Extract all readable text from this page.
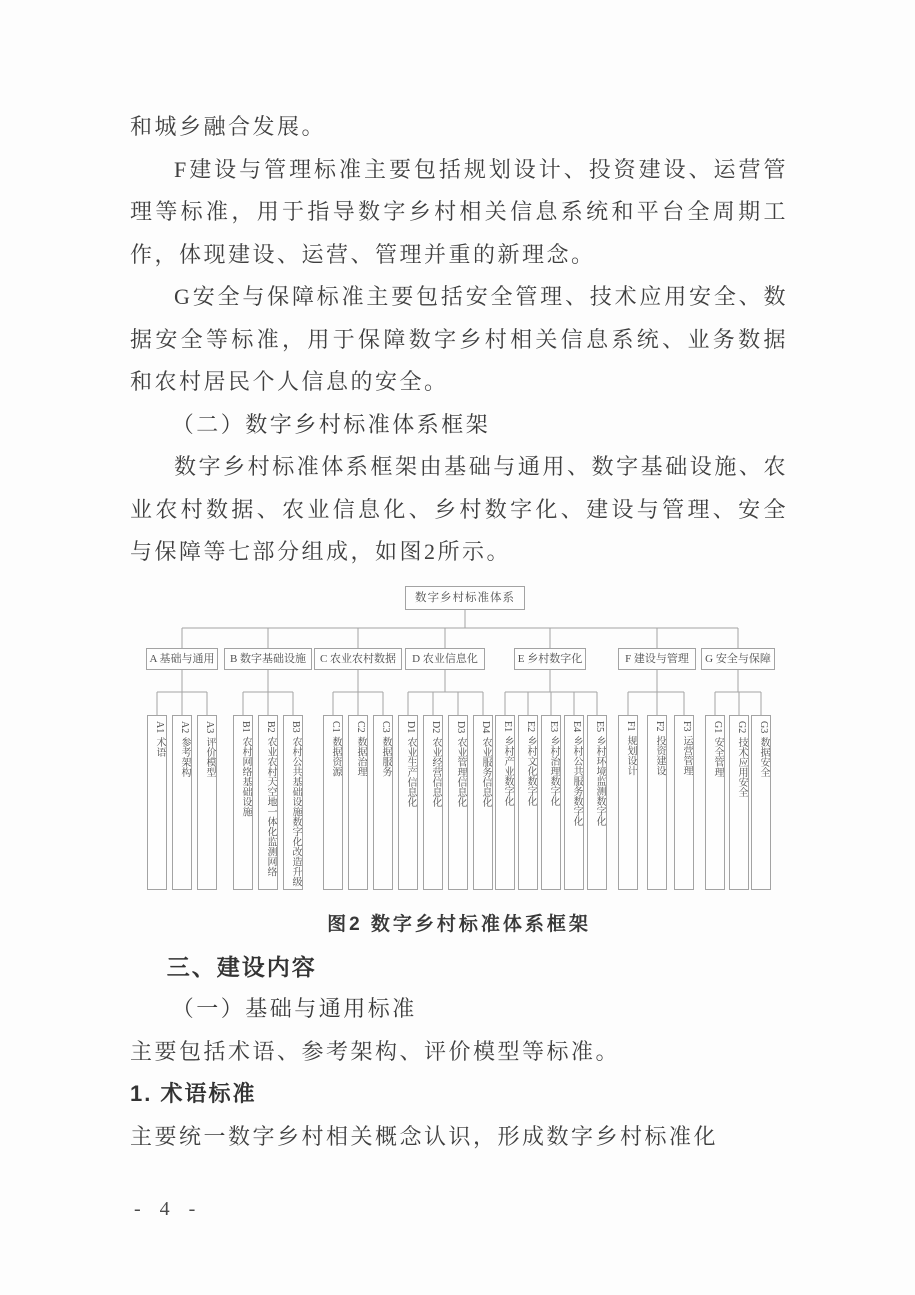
和城乡融合发展。

F建设与管理标准主要包括规划设计、投资建设、运营管理等标准，用于指导数字乡村相关信息系统和平台全周期工作，体现建设、运营、管理并重的新理念。

G安全与保障标准主要包括安全管理、技术应用安全、数据安全等标准，用于保障数字乡村相关信息系统、业务数据和农村居民个人信息的安全。

（二）数字乡村标准体系框架

数字乡村标准体系框架由基础与通用、数字基础设施、农业农村数据、农业信息化、乡村数字化、建设与管理、安全与保障等七部分组成，如图2所示。

数字乡村标准体系
A 基础与通用	B 数字基础设施	C 农业农村数据	D 农业信息化	E 乡村数字化	F 建设与管理	G 安全与保障
A1术语
A2参考架构
A3评价模型
B1农村网络基础设施
B2农业农村天空地一体化监测网络
B3农村公共基础设施数字化改造升级
C1数据资源
C2数据治理
C3数据服务
D1农业生产信息化
D2农业经营信息化
D3农业管理信息化
D4农业服务信息化
E1乡村产业数字化
E2乡村文化数字化
E3乡村治理数字化
E4乡村公共服务数字化
E5乡村环境监测数字化
F1规划设计
F2投资建设
F3运营管理
G1安全管理
G2技术应用安全
G3数据安全

图2 数字乡村标准体系框架

三、建设内容

（一）基础与通用标准

主要包括术语、参考架构、评价模型等标准。

1. 术语标准

主要统一数字乡村相关概念认识，形成数字乡村标准化

- 4 -
